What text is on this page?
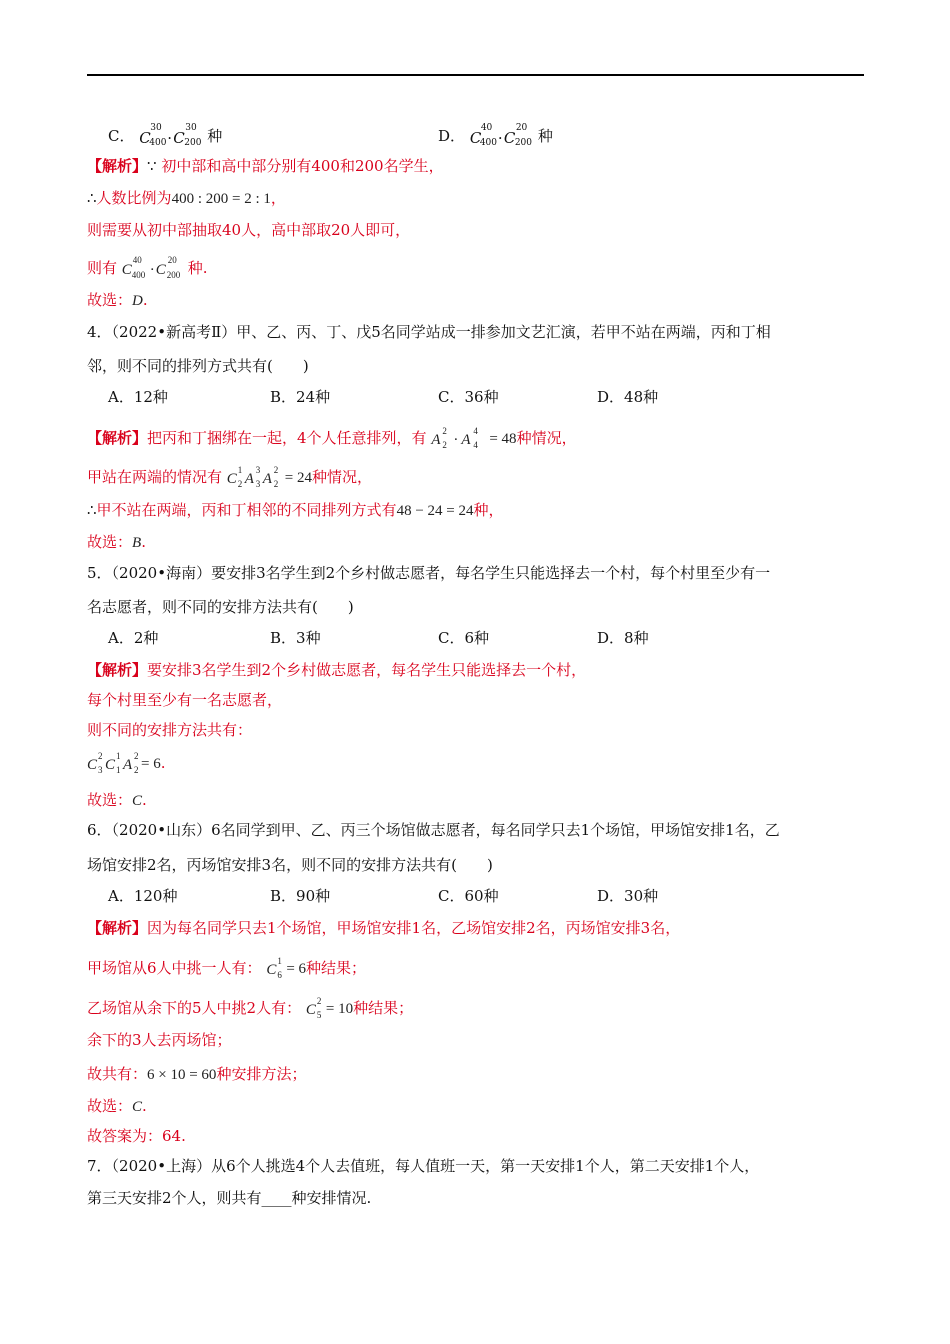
C． C
30
400 · C
30
200 种	D． C
40
400 · C
20
200 种
【解析】∵ 初中部和高中部分别有400和200名学生，
∴人数比例为400 : 200 = 2 : 1，
则需要从初中部抽取40人，高中部取20人即可，
则有 C
40
400 · C
20
200 种.
故选：D.
4．（2022•新高考Ⅱ）甲、乙、丙、丁、戊5名同学站成一排参加文艺汇演，若甲不站在两端，丙和丁相
邻，则不同的排列方式共有(　　)
A．12种	B．24种	C．36种	D．48种
【解析】把丙和丁捆绑在一起，4个人任意排列，有 A
2
2 · A
4
4 = 48种情况，
甲站在两端的情况有 C
1
2 A
3
3 A
2
2 = 24种情况，
∴甲不站在两端，丙和丁相邻的不同排列方式有48 − 24 = 24种，
故选：B.
5．（2020•海南）要安排3名学生到2个乡村做志愿者，每名学生只能选择去一个村，每个村里至少有一
名志愿者，则不同的安排方法共有(　　)
A．2种	B．3种	C．6种	D．8种
【解析】要安排3名学生到2个乡村做志愿者，每名学生只能选择去一个村，
每个村里至少有一名志愿者，
则不同的安排方法共有：
C
2
3 C
1
1 A
2
2 = 6.
故选：C.
6．（2020•山东）6名同学到甲、乙、丙三个场馆做志愿者，每名同学只去1个场馆，甲场馆安排1名，乙
场馆安排2名，丙场馆安排3名，则不同的安排方法共有(　　)
A．120种	B．90种	C．60种	D．30种
【解析】因为每名同学只去1个场馆，甲场馆安排1名，乙场馆安排2名，丙场馆安排3名，
甲场馆从6人中挑一人有： C
1
6 = 6种结果；
乙场馆从余下的5人中挑2人有： C
2
5 = 10种结果；
余下的3人去丙场馆；
故共有：6 × 10 = 60种安排方法；
故选：C.
故答案为：64.
7．（2020•上海）从6个人挑选4个人去值班，每人值班一天，第一天安排1个人，第二天安排1个人，
第三天安排2个人，则共有____种安排情况.
